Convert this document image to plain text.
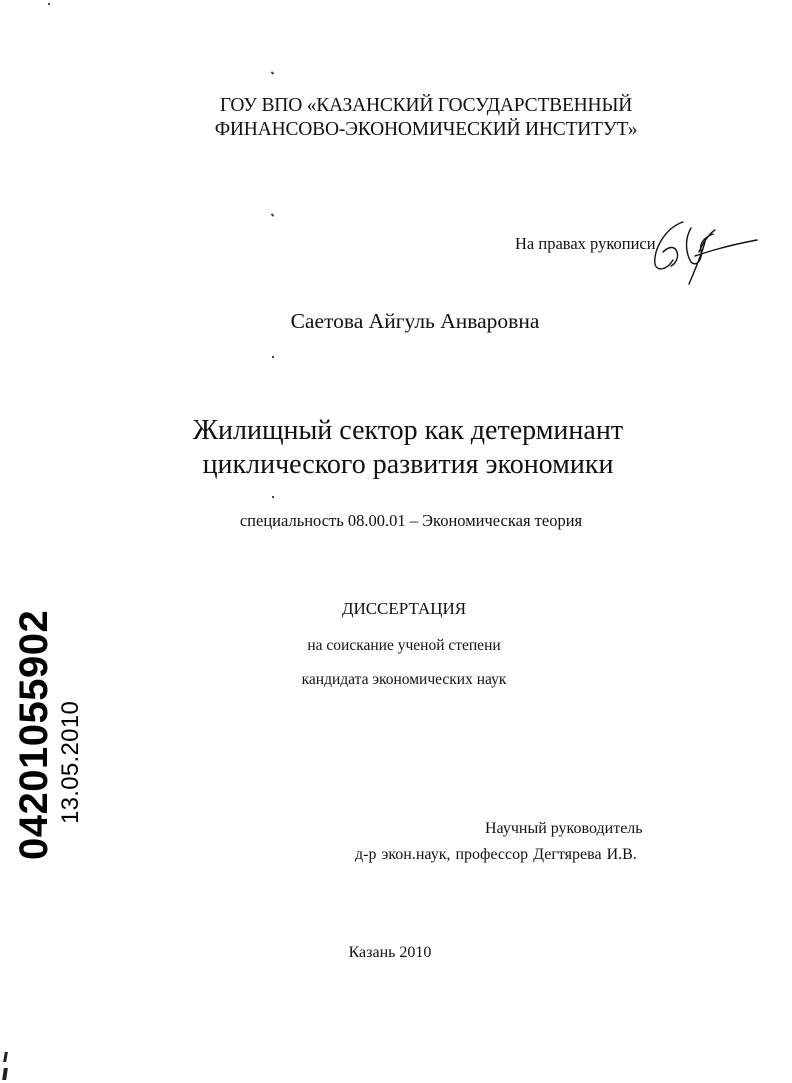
ГОУ ВПО «КАЗАНСКИЙ ГОСУДАРСТВЕННЫЙ
ФИНАНСОВО-ЭКОНОМИЧЕСКИЙ ИНСТИТУТ»
На правах рукописи
Саетова Айгуль Анваровна
Жилищный сектор как детерминант
циклического развития экономики
специальность 08.00.01 – Экономическая теория
ДИССЕРТАЦИЯ
на соискание ученой степени
кандидата экономических наук
Научный руководитель
д-р экон.наук, профессор Дегтярева И.В.
Казань 2010
04201055902 13.05.2010
